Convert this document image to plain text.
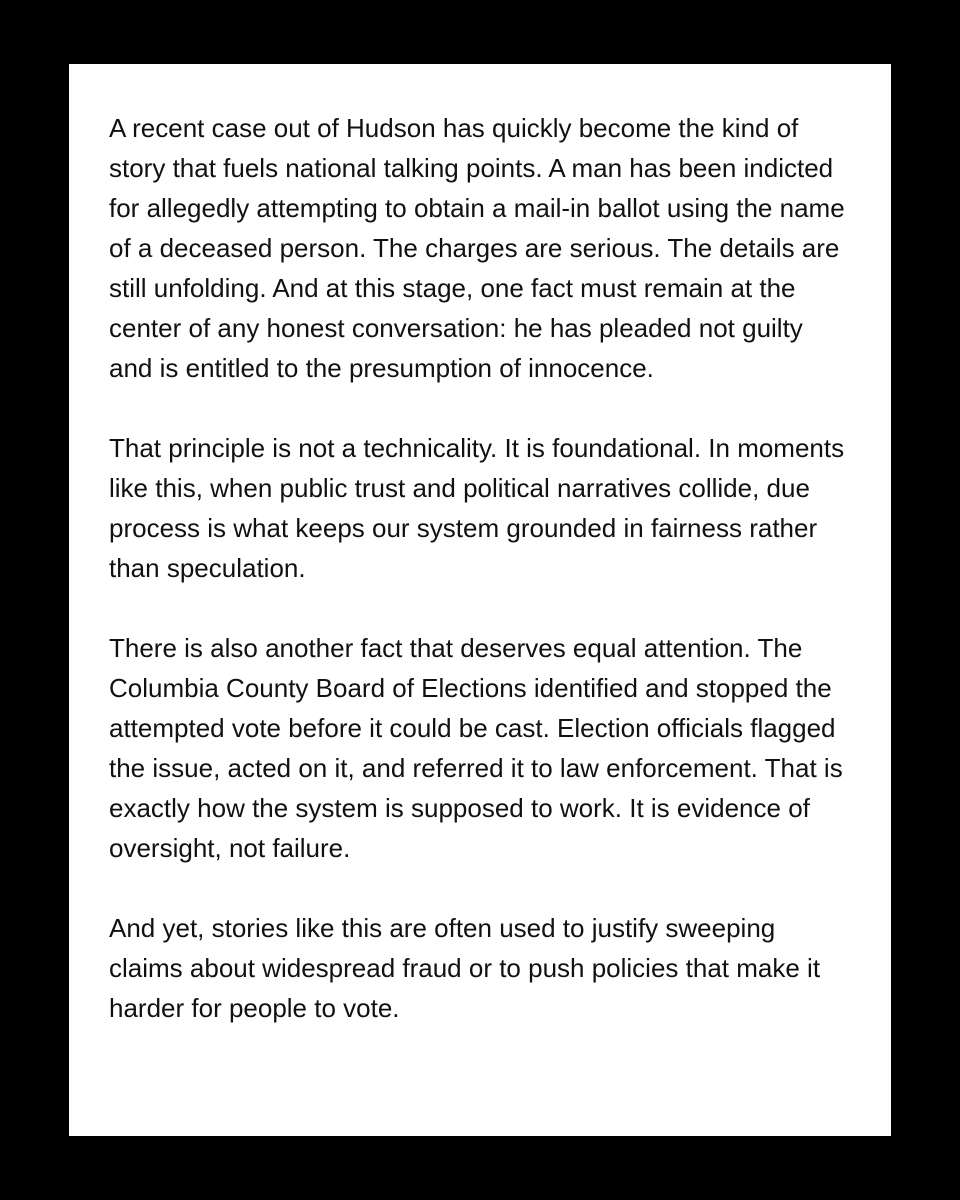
A recent case out of Hudson has quickly become the kind of story that fuels national talking points. A man has been indicted for allegedly attempting to obtain a mail-in ballot using the name of a deceased person. The charges are serious. The details are still unfolding. And at this stage, one fact must remain at the center of any honest conversation: he has pleaded not guilty and is entitled to the presumption of innocence.

That principle is not a technicality. It is foundational. In moments like this, when public trust and political narratives collide, due process is what keeps our system grounded in fairness rather than speculation.

There is also another fact that deserves equal attention. The Columbia County Board of Elections identified and stopped the attempted vote before it could be cast. Election officials flagged the issue, acted on it, and referred it to law enforcement. That is exactly how the system is supposed to work. It is evidence of oversight, not failure.

And yet, stories like this are often used to justify sweeping claims about widespread fraud or to push policies that make it harder for people to vote.
